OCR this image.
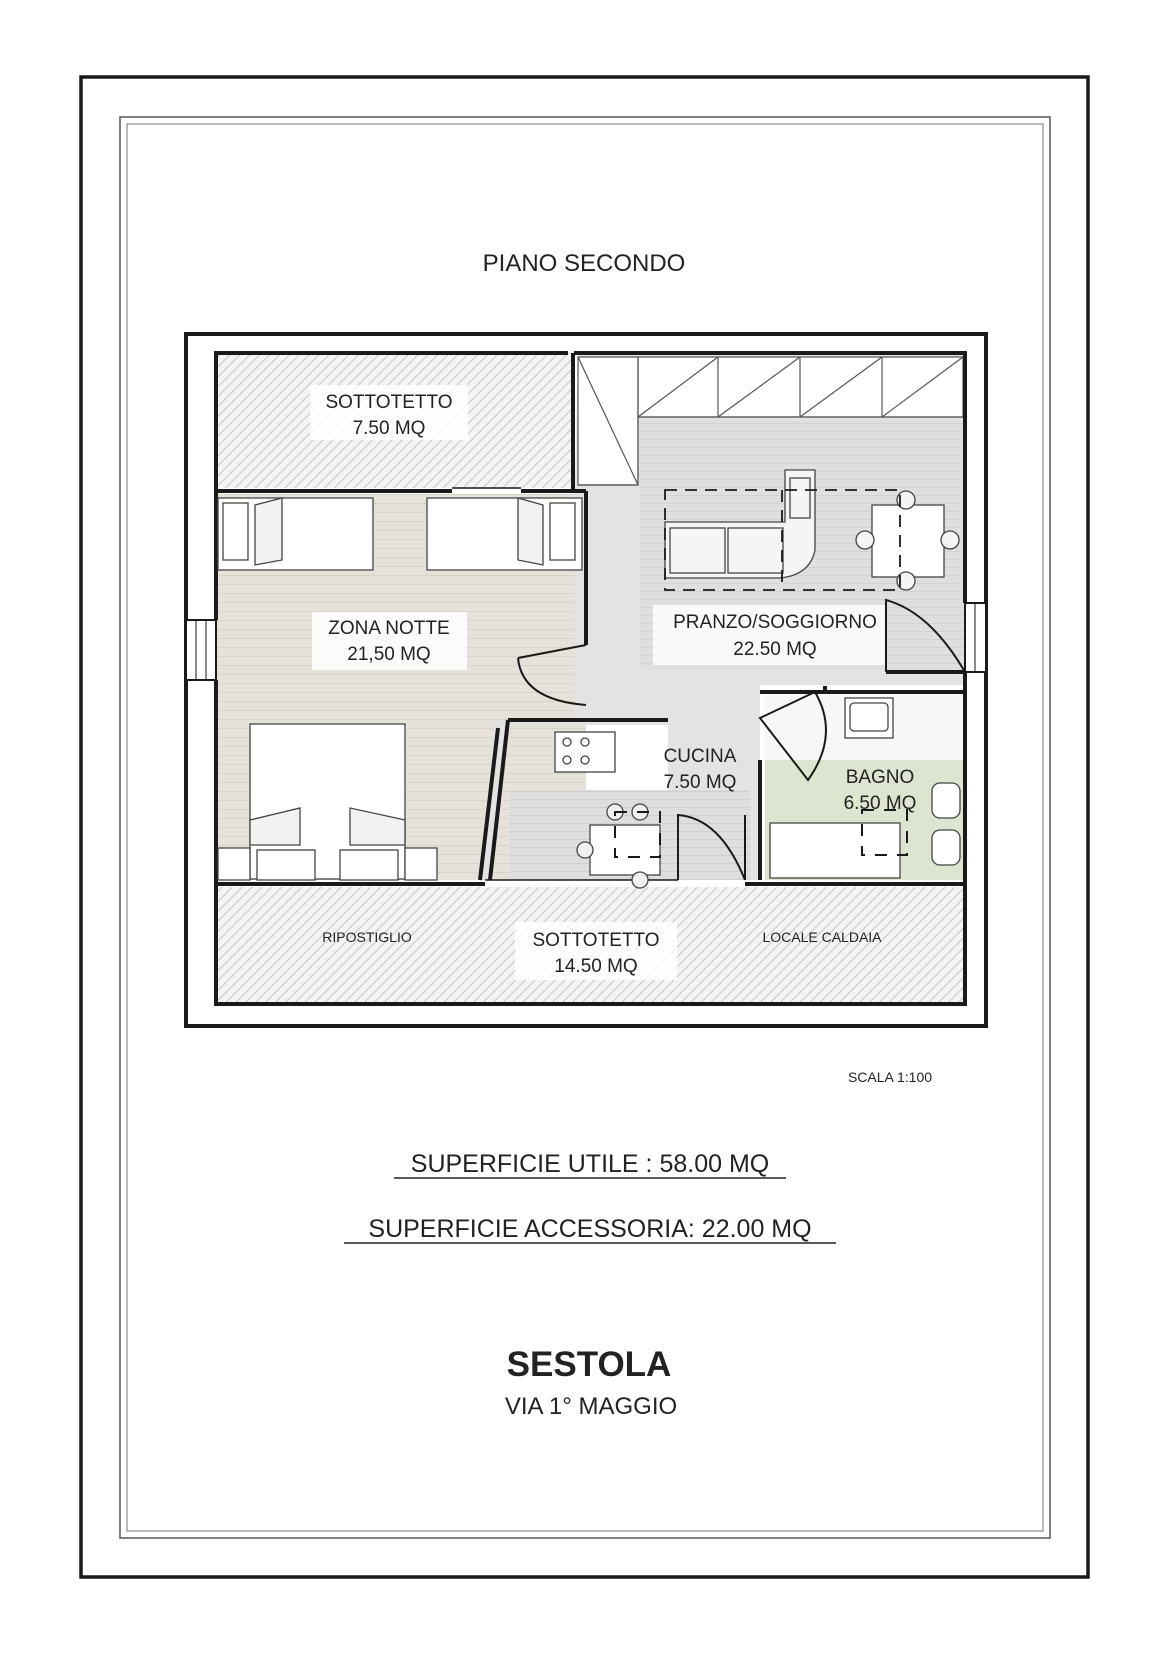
PIANO SECONDO
SOTTOTETTO
7.50 MQ
ZONA NOTTE
21,50 MQ
PRANZO/SOGGIORNO
22.50 MQ
CUCINA
7.50 MQ	BAGNO
6.50 MQ
SOTTOTETTO
14.50 MQ
RIPOSTIGLIO	LOCALE CALDAIA
SCALA 1:100
SUPERFICIE UTILE : 58.00 MQ
SUPERFICIE ACCESSORIA: 22.00 MQ
SESTOLA
VIA 1° MAGGIO
